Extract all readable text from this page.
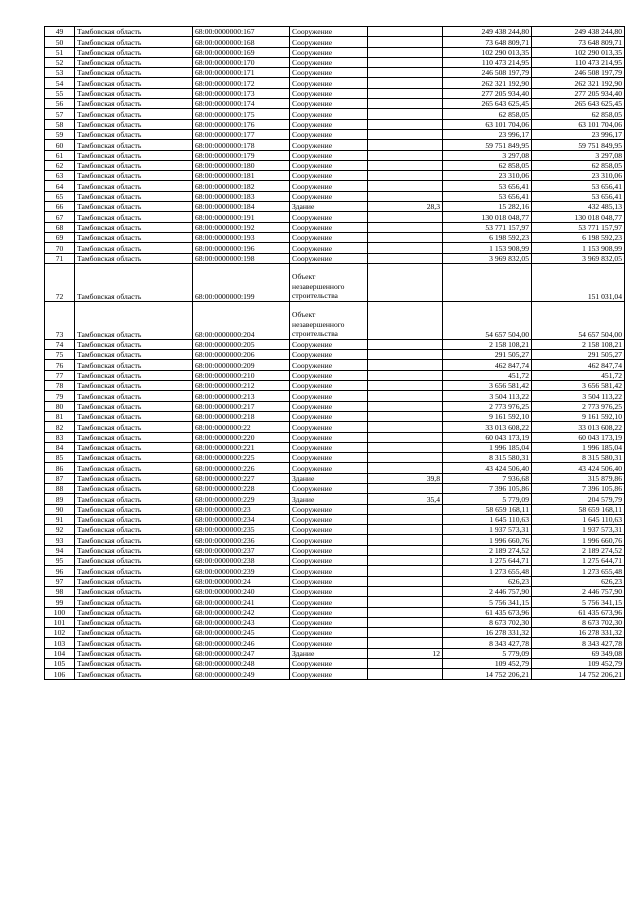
49	Тамбовская область	68:00:0000000:167	Сооружение		249 438 244,80	249 438 244,80
50	Тамбовская область	68:00:0000000:168	Сооружение		73 648 809,71	73 648 809,71
51	Тамбовская область	68:00:0000000:169	Сооружение		102 290 013,35	102 290 013,35
52	Тамбовская область	68:00:0000000:170	Сооружение		110 473 214,95	110 473 214,95
53	Тамбовская область	68:00:0000000:171	Сооружение		246 508 197,79	246 508 197,79
54	Тамбовская область	68:00:0000000:172	Сооружение		262 321 192,90	262 321 192,90
55	Тамбовская область	68:00:0000000:173	Сооружение		277 205 934,40	277 205 934,40
56	Тамбовская область	68:00:0000000:174	Сооружение		265 643 625,45	265 643 625,45
57	Тамбовская область	68:00:0000000:175	Сооружение		62 858,05	62 858,05
58	Тамбовская область	68:00:0000000:176	Сооружение		63 101 704,06	63 101 704,06
59	Тамбовская область	68:00:0000000:177	Сооружение		23 996,17	23 996,17
60	Тамбовская область	68:00:0000000:178	Сооружение		59 751 849,95	59 751 849,95
61	Тамбовская область	68:00:0000000:179	Сооружение		3 297,08	3 297,08
62	Тамбовская область	68:00:0000000:180	Сооружение		62 858,05	62 858,05
63	Тамбовская область	68:00:0000000:181	Сооружение		23 310,06	23 310,06
64	Тамбовская область	68:00:0000000:182	Сооружение		53 656,41	53 656,41
65	Тамбовская область	68:00:0000000:183	Сооружение		53 656,41	53 656,41
66	Тамбовская область	68:00:0000000:184	Здание	28,3	15 282,16	432 485,13
67	Тамбовская область	68:00:0000000:191	Сооружение		130 018 048,77	130 018 048,77
68	Тамбовская область	68:00:0000000:192	Сооружение		53 771 157,97	53 771 157,97
69	Тамбовская область	68:00:0000000:193	Сооружение		6 198 592,23	6 198 592,23
70	Тамбовская область	68:00:0000000:196	Сооружение		1 153 908,99	1 153 908,99
71	Тамбовская область	68:00:0000000:198	Сооружение		3 969 832,05	3 969 832,05
72	Тамбовская область	68:00:0000000:199	Объект незавершенного строительства			151 031,04
73	Тамбовская область	68:00:0000000:204	Объект незавершенного строительства		54 657 504,00	54 657 504,00
74	Тамбовская область	68:00:0000000:205	Сооружение		2 158 108,21	2 158 108,21
75	Тамбовская область	68:00:0000000:206	Сооружение		291 505,27	291 505,27
76	Тамбовская область	68:00:0000000:209	Сооружение		462 847,74	462 847,74
77	Тамбовская область	68:00:0000000:210	Сооружение		451,72	451,72
78	Тамбовская область	68:00:0000000:212	Сооружение		3 656 581,42	3 656 581,42
79	Тамбовская область	68:00:0000000:213	Сооружение		3 504 113,22	3 504 113,22
80	Тамбовская область	68:00:0000000:217	Сооружение		2 773 976,25	2 773 976,25
81	Тамбовская область	68:00:0000000:218	Сооружение		9 161 592,10	9 161 592,10
82	Тамбовская область	68:00:0000000:22	Сооружение		33 013 608,22	33 013 608,22
83	Тамбовская область	68:00:0000000:220	Сооружение		60 043 173,19	60 043 173,19
84	Тамбовская область	68:00:0000000:221	Сооружение		1 996 185,04	1 996 185,04
85	Тамбовская область	68:00:0000000:225	Сооружение		8 315 580,31	8 315 580,31
86	Тамбовская область	68:00:0000000:226	Сооружение		43 424 506,40	43 424 506,40
87	Тамбовская область	68:00:0000000:227	Здание	39,8	7 936,68	315 879,86
88	Тамбовская область	68:00:0000000:228	Сооружение		7 396 105,86	7 396 105,86
89	Тамбовская область	68:00:0000000:229	Здание	35,4	5 779,09	204 579,79
90	Тамбовская область	68:00:0000000:23	Сооружение		58 659 168,11	58 659 168,11
91	Тамбовская область	68:00:0000000:234	Сооружение		1 645 110,63	1 645 110,63
92	Тамбовская область	68:00:0000000:235	Сооружение		1 937 573,31	1 937 573,31
93	Тамбовская область	68:00:0000000:236	Сооружение		1 996 660,76	1 996 660,76
94	Тамбовская область	68:00:0000000:237	Сооружение		2 189 274,52	2 189 274,52
95	Тамбовская область	68:00:0000000:238	Сооружение		1 275 644,71	1 275 644,71
96	Тамбовская область	68:00:0000000:239	Сооружение		1 273 655,48	1 273 655,48
97	Тамбовская область	68:00:0000000:24	Сооружение		626,23	626,23
98	Тамбовская область	68:00:0000000:240	Сооружение		2 446 757,90	2 446 757,90
99	Тамбовская область	68:00:0000000:241	Сооружение		5 756 341,15	5 756 341,15
100	Тамбовская область	68:00:0000000:242	Сооружение		61 435 673,96	61 435 673,96
101	Тамбовская область	68:00:0000000:243	Сооружение		8 673 702,30	8 673 702,30
102	Тамбовская область	68:00:0000000:245	Сооружение		16 278 331,32	16 278 331,32
103	Тамбовская область	68:00:0000000:246	Сооружение		8 343 427,78	8 343 427,78
104	Тамбовская область	68:00:0000000:247	Здание	12	5 779,09	69 349,08
105	Тамбовская область	68:00:0000000:248	Сооружение		109 452,79	109 452,79
106	Тамбовская область	68:00:0000000:249	Сооружение		14 752 206,21	14 752 206,21
